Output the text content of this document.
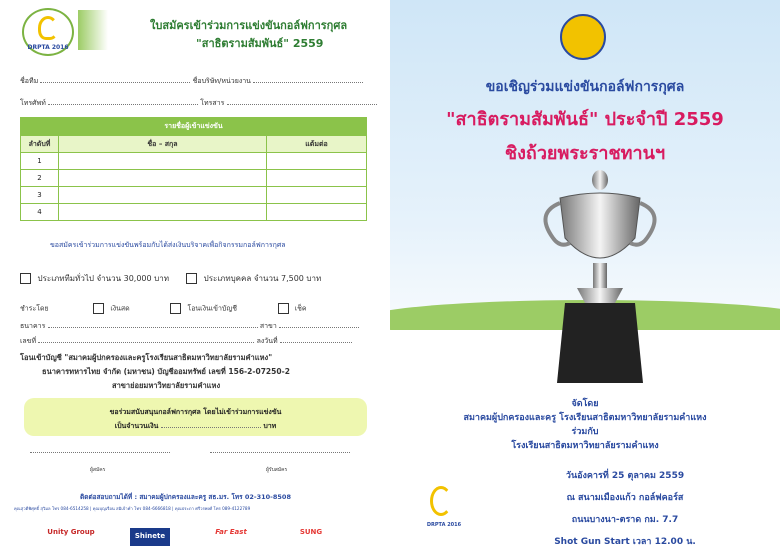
DRPTA 2016
ใบสมัครเข้าร่วมการแข่งขันกอล์ฟการกุศล
"สาธิตรามสัมพันธ์" 2559
ชื่อทีม	ชื่อบริษัท/หน่วยงาน
โทรศัพท์	โทรสาร
รายชื่อผู้เข้าแข่งขัน		
ลำดับที่	ชื่อ – สกุล	แต้มต่อ
1		
2		
3		
4		
ขอสมัครเข้าร่วมการแข่งขันพร้อมกับได้ส่งเงินบริจาคเพื่อกิจกรรมกอล์ฟการกุศล
ประเภททีมทั่วไป จำนวน 30,000 บาท	ประเภทบุคคล จำนวน 7,500 บาท
ชำระโดย	เงินสด	โอนเงินเข้าบัญชี	เช็ค
ธนาคาร	สาขา
เลขที่	ลงวันที่
โอนเข้าบัญชี "สมาคมผู้ปกครองและครูโรงเรียนสาธิตมหาวิทยาลัยรามคำแหง"
ธนาคารทหารไทย จำกัด (มหาชน) บัญชีออมทรัพย์ เลขที่ 156-2-07250-2
สาขาย่อยมหาวิทยาลัยรามคำแหง
ขอร่วมสนับสนุนกอล์ฟการกุศล โดยไม่เข้าร่วมการแข่งขัน
เป็นจำนวนเงิน	บาท
ผู้สมัคร	ผู้รับสมัคร
ติดต่อสอบถามได้ที่ : สมาคมผู้ปกครองและครู สธ.มร. โทร 02-310-8508
คุณสุวดีพิศุทธิ์ สุวิมล โทร 084-6514258 | คุณบุญเรือน สมิเจ้าคำ โทร 084-6666818 | คุณประภา ศรีวรพงศ์ โทร 089-4122789
Unity Group	Shinete	Far East	SUNG
ขอเชิญร่วมแข่งขันกอล์ฟการกุศล
"สาธิตรามสัมพันธ์" ประจำปี 2559
ชิงถ้วยพระราชทานฯ
จัดโดย
สมาคมผู้ปกครองและครู โรงเรียนสาธิตมหาวิทยาลัยรามคำแหง
ร่วมกับ
โรงเรียนสาธิตมหาวิทยาลัยรามคำแหง
DRPTA 2016
วันอังคารที่ 25 ตุลาคม 2559
ณ สนามเมืองแก้ว กอล์ฟคอร์ส
ถนนบางนา-ตราด กม. 7.7
Shot Gun Start เวลา 12.00 น.
